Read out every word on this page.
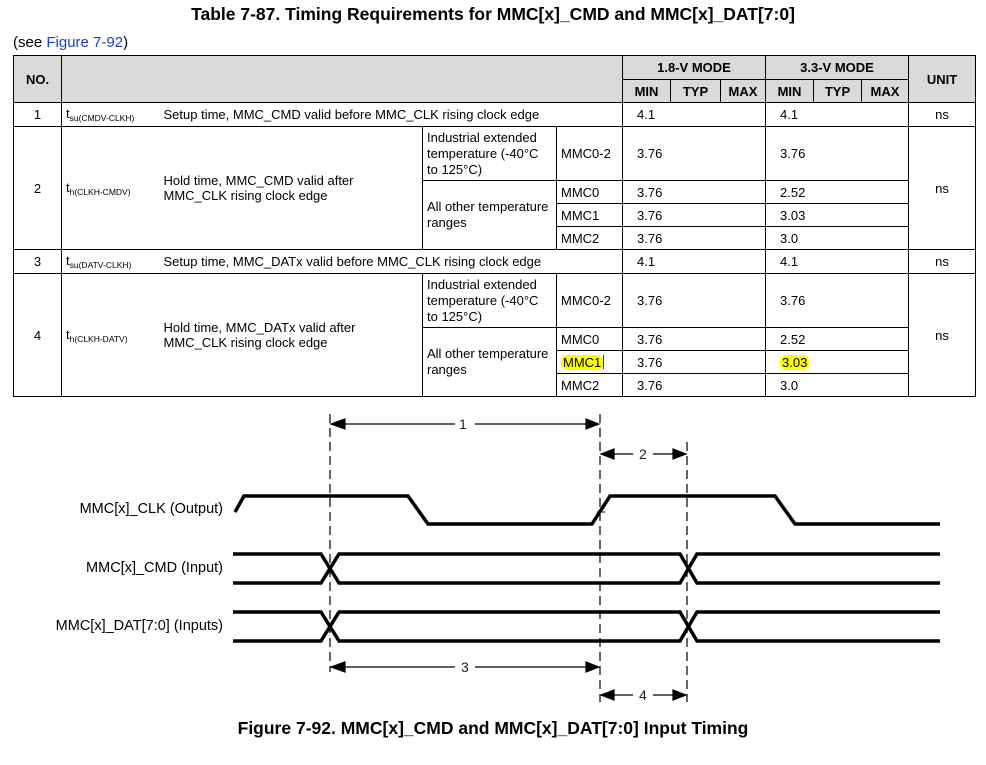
Table 7-87. Timing Requirements for MMC[x]_CMD and MMC[x]_DAT[7:0]
(see Figure 7-92)
NO.					1.8-V MODE			3.3-V MODE			UNIT
					MIN	TYP	MAX	MIN	TYP	MAX	
1	$t_{su(CMDV-CLKH)}$	Setup time, MMC_CMD valid before MMC_CLK rising clock edge			4.1			4.1			ns
2	$t_{h(CLKH-CMDV)}$	Hold time, MMC_CMD valid after MMC_CLK rising clock edge	Industrial extended temperature (-40°C to 125°C)	MMC0-2	3.76			3.76			ns
			All other temperature ranges	MMC0	3.76			2.52			
				MMC1	3.76			3.03			
				MMC2	3.76			3.0			
3	$t_{su(DATV-CLKH)}$	Setup time, MMC_DATx valid before MMC_CLK rising clock edge			4.1			4.1			ns
4	$t_{h(CLKH-DATV)}$	Hold time, MMC_DATx valid after MMC_CLK rising clock edge	Industrial extended temperature (-40°C to 125°C)	MMC0-2	3.76			3.76			ns
			All other temperature ranges	MMC0	3.76			2.52			
				MMC1	3.76			3.03			
				MMC2	3.76			3.0			
1
2
3
4
MMC[x]_CLK (Output)
MMC[x]_CMD (Input)
MMC[x]_DAT[7:0] (Inputs)
Figure 7-92. MMC[x]_CMD and MMC[x]_DAT[7:0] Input Timing
